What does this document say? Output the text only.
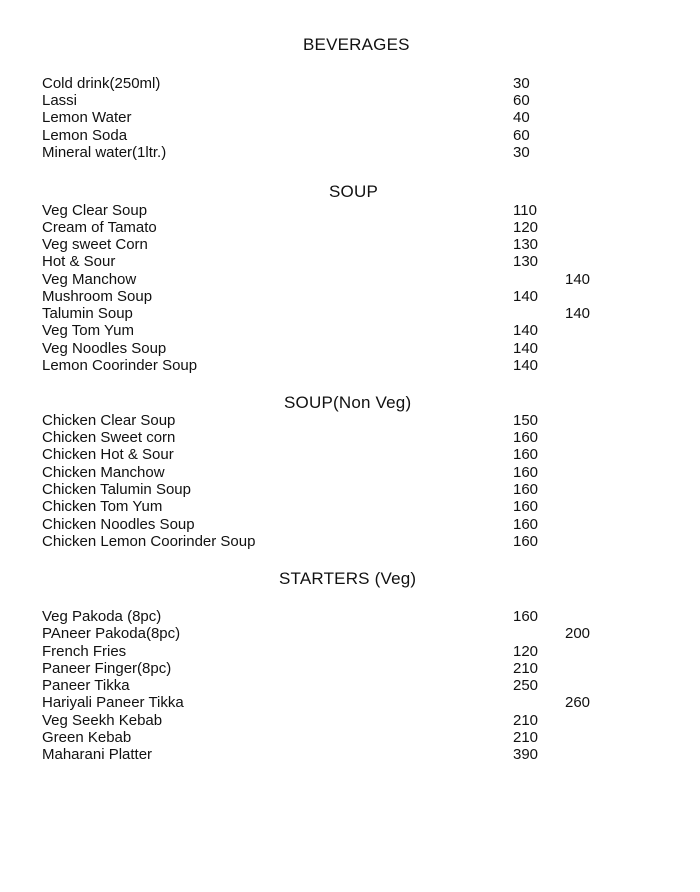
BEVERAGES
Cold drink(250ml)	30
Lassi	60
Lemon Water	40
Lemon Soda	60
Mineral water(1ltr.)	30
SOUP
Veg Clear Soup	110
Cream of Tamato	120
Veg sweet Corn	130
Hot & Sour	130
Veg Manchow	140
Mushroom Soup	140
Talumin Soup	140
Veg Tom Yum	140
Veg Noodles Soup	140
Lemon Coorinder Soup	140
SOUP(Non Veg)
Chicken Clear Soup	150
Chicken Sweet corn	160
Chicken Hot & Sour	160
Chicken Manchow	160
Chicken Talumin Soup	160
Chicken Tom Yum	160
Chicken Noodles Soup	160
Chicken Lemon Coorinder Soup	160
STARTERS (Veg)
Veg Pakoda (8pc)	160
PAneer Pakoda(8pc)	200
French Fries	120
Paneer Finger(8pc)	210
Paneer Tikka	250
Hariyali Paneer Tikka	260
Veg Seekh Kebab	210
Green Kebab	210
Maharani Platter	390
